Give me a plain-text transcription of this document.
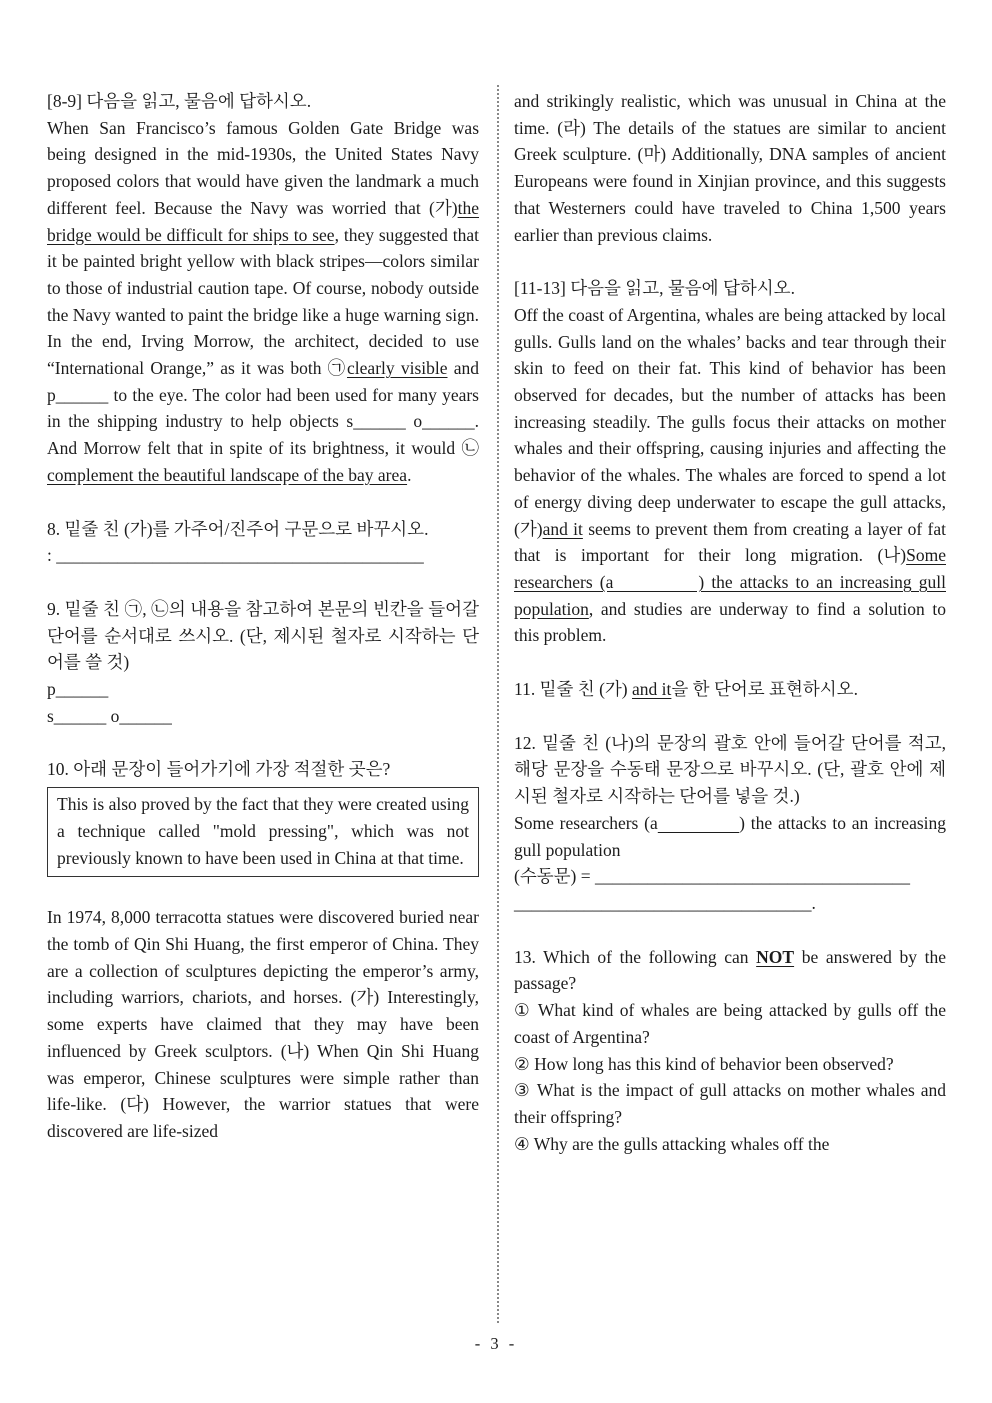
[8-9] 다음을 읽고, 물음에 답하시오.

When San Francisco’s famous Golden Gate Bridge was being designed in the mid-1930s, the United States Navy proposed colors that would have given the landmark a much different feel. Because the Navy was worried that (가)the bridge would be difficult for ships to see, they suggested that it be painted bright yellow with black stripes—colors similar to those of industrial caution tape. Of course, nobody outside the Navy wanted to paint the bridge like a huge warning sign. In the end, Irving Morrow, the architect, decided to use “International Orange,” as it was both ㉠clearly visible and p______ to the eye. The color had been used for many years in the shipping industry to help objects s______ o______. And Morrow felt that in spite of its brightness, it would ㉡complement the beautiful landscape of the bay area.

8. 밑줄 친 (가)를 가주어/진주어 구문으로 바꾸시오.

: __________________________________________

9. 밑줄 친 ㉠, ㉡의 내용을 참고하여 본문의 빈칸을 들어갈 단어를 순서대로 쓰시오. (단, 제시된 철자로 시작하는 단어를 쓸 것)

p______

s______ o______

10. 아래 문장이 들어가기에 가장 적절한 곳은?

This is also proved by the fact that they were created using a technique called "mold pressing", which was not previously known to have been used in China at that time.

In 1974, 8,000 terracotta statues were discovered buried near the tomb of Qin Shi Huang, the first emperor of China. They are a collection of sculptures depicting the emperor’s army, including warriors, chariots, and horses. (가) Interestingly, some experts have claimed that they may have been influenced by Greek sculptors. (나) When Qin Shi Huang was emperor, Chinese sculptures were simple rather than life-like. (다) However, the warrior statues that were discovered are life-sized

and strikingly realistic, which was unusual in China at the time. (라) The details of the statues are similar to ancient Greek sculpture. (마) Additionally, DNA samples of ancient Europeans were found in Xinjian province, and this suggests that Westerners could have traveled to China 1,500 years earlier than previous claims.

[11-13] 다음을 읽고, 물음에 답하시오.

Off the coast of Argentina, whales are being attacked by local gulls. Gulls land on the whales’ backs and tear through their skin to feed on their fat. This kind of behavior has been observed for decades, but the number of attacks has been increasing steadily. The gulls focus their attacks on mother whales and their offspring, causing injuries and affecting the behavior of the whales. The whales are forced to spend a lot of energy diving deep underwater to escape the gull attacks, (가)and it seems to prevent them from creating a layer of fat that is important for their long migration. (나)Some researchers (a            ) the attacks to an increasing gull population, and studies are underway to find a solution to this problem.

11. 밑줄 친 (가) and it을 한 단어로 표현하시오.

12. 밑줄 친 (나)의 문장의 괄호 안에 들어갈 단어를 적고, 해당 문장을 수동태 문장으로 바꾸시오. (단, 괄호 안에 제시된 철자로 시작하는 단어를 넣을 것.)

Some researchers (a	) the attacks to an increasing gull population

(수동문) = ____________________________________

__________________________________.

13. Which of the following can NOT be answered by the passage?

① What kind of whales are being attacked by gulls off the coast of Argentina?

② How long has this kind of behavior been observed?

③ What is the impact of gull attacks on mother whales and their offspring?

④ Why are the gulls attacking whales off the

- 3 -
